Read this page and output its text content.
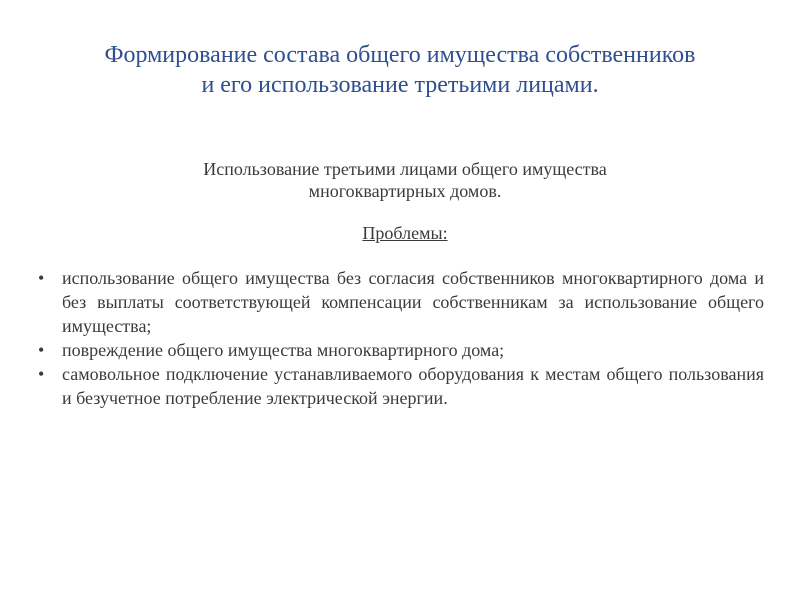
Формирование состава общего имущества собственников
и его использование третьими лицами.
Использование третьими лицами общего имущества
многоквартирных домов.
Проблемы:
• использование общего имущества без согласия собственников многоквартирного дома и без выплаты соответствующей компенсации собственникам за использование общего имущества;
• повреждение общего имущества многоквартирного дома;
• самовольное подключение устанавливаемого оборудования к местам общего пользования и безучетное потребление электрической энергии.
